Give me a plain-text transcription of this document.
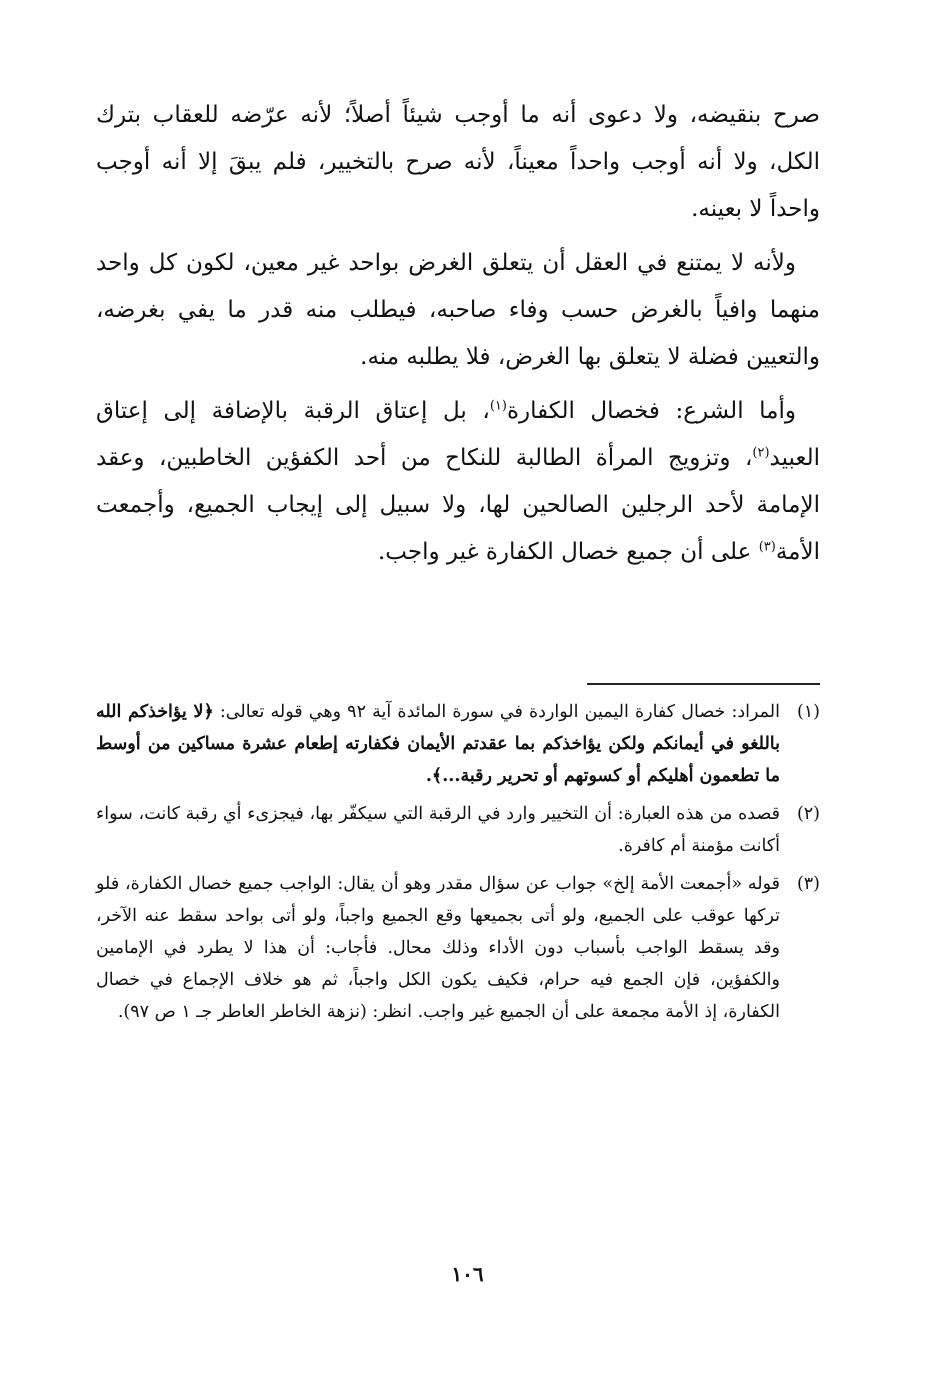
صرح بنقيضه، ولا دعوى أنه ما أوجب شيئاً أصلاً؛ لأنه عرّضه للعقاب بترك الكل، ولا أنه أوجب واحداً معيناً، لأنه صرح بالتخيير، فلم يبقَ إلا أنه أوجب واحداً لا بعينه.

ولأنه لا يمتنع في العقل أن يتعلق الغرض بواحد غير معين، لكون كل واحد منهما وافياً بالغرض حسب وفاء صاحبه، فيطلب منه قدر ما يفي بغرضه، والتعيين فضلة لا يتعلق بها الغرض، فلا يطلبه منه.

وأما الشرع: فخصال الكفارة$^{(١)}$، بل إعتاق الرقبة بالإضافة إلى إعتاق العبيد$^{(٢)}$، وتزويج المرأة الطالبة للنكاح من أحد الكفؤين الخاطبين، وعقد الإمامة لأحد الرجلين الصالحين لها، ولا سبيل إلى إيجاب الجميع، وأجمعت الأمة$^{(٣)}$ على أن جميع خصال الكفارة غير واجب.

(١)
المراد: خصال كفارة اليمين الواردة في سورة المائدة آية ٩٢ وهي قوله تعالى: ﴿لا يؤاخذكم الله باللغو في أيمانكم ولكن يؤاخذكم بما عقدتم الأيمان فكفارته إطعام عشرة مساكين من أوسط ما تطعمون أهليكم أو كسوتهم أو تحرير رقبة...﴾.
(٢)
قصده من هذه العبارة: أن التخيير وارد في الرقبة التي سيكفّر بها، فيجزىء أي رقبة كانت، سواء أكانت مؤمنة أم كافرة.
(٣)
قوله «أجمعت الأمة إلخ» جواب عن سؤال مقدر وهو أن يقال: الواجب جميع خصال الكفارة، فلو تركها عوقب على الجميع، ولو أتى بجميعها وقع الجميع واجباً، ولو أتى بواحد سقط عنه الآخر، وقد يسقط الواجب بأسباب دون الأداء وذلك محال. فأجاب: أن هذا لا يطرد في الإمامين والكفؤين، فإن الجمع فيه حرام، فكيف يكون الكل واجباً، ثم هو خلاف الإجماع في خصال الكفارة، إذ الأمة مجمعة على أن الجميع غير واجب. انظر: (نزهة الخاطر العاطر جـ ١ ص ٩٧).
١٠٦
